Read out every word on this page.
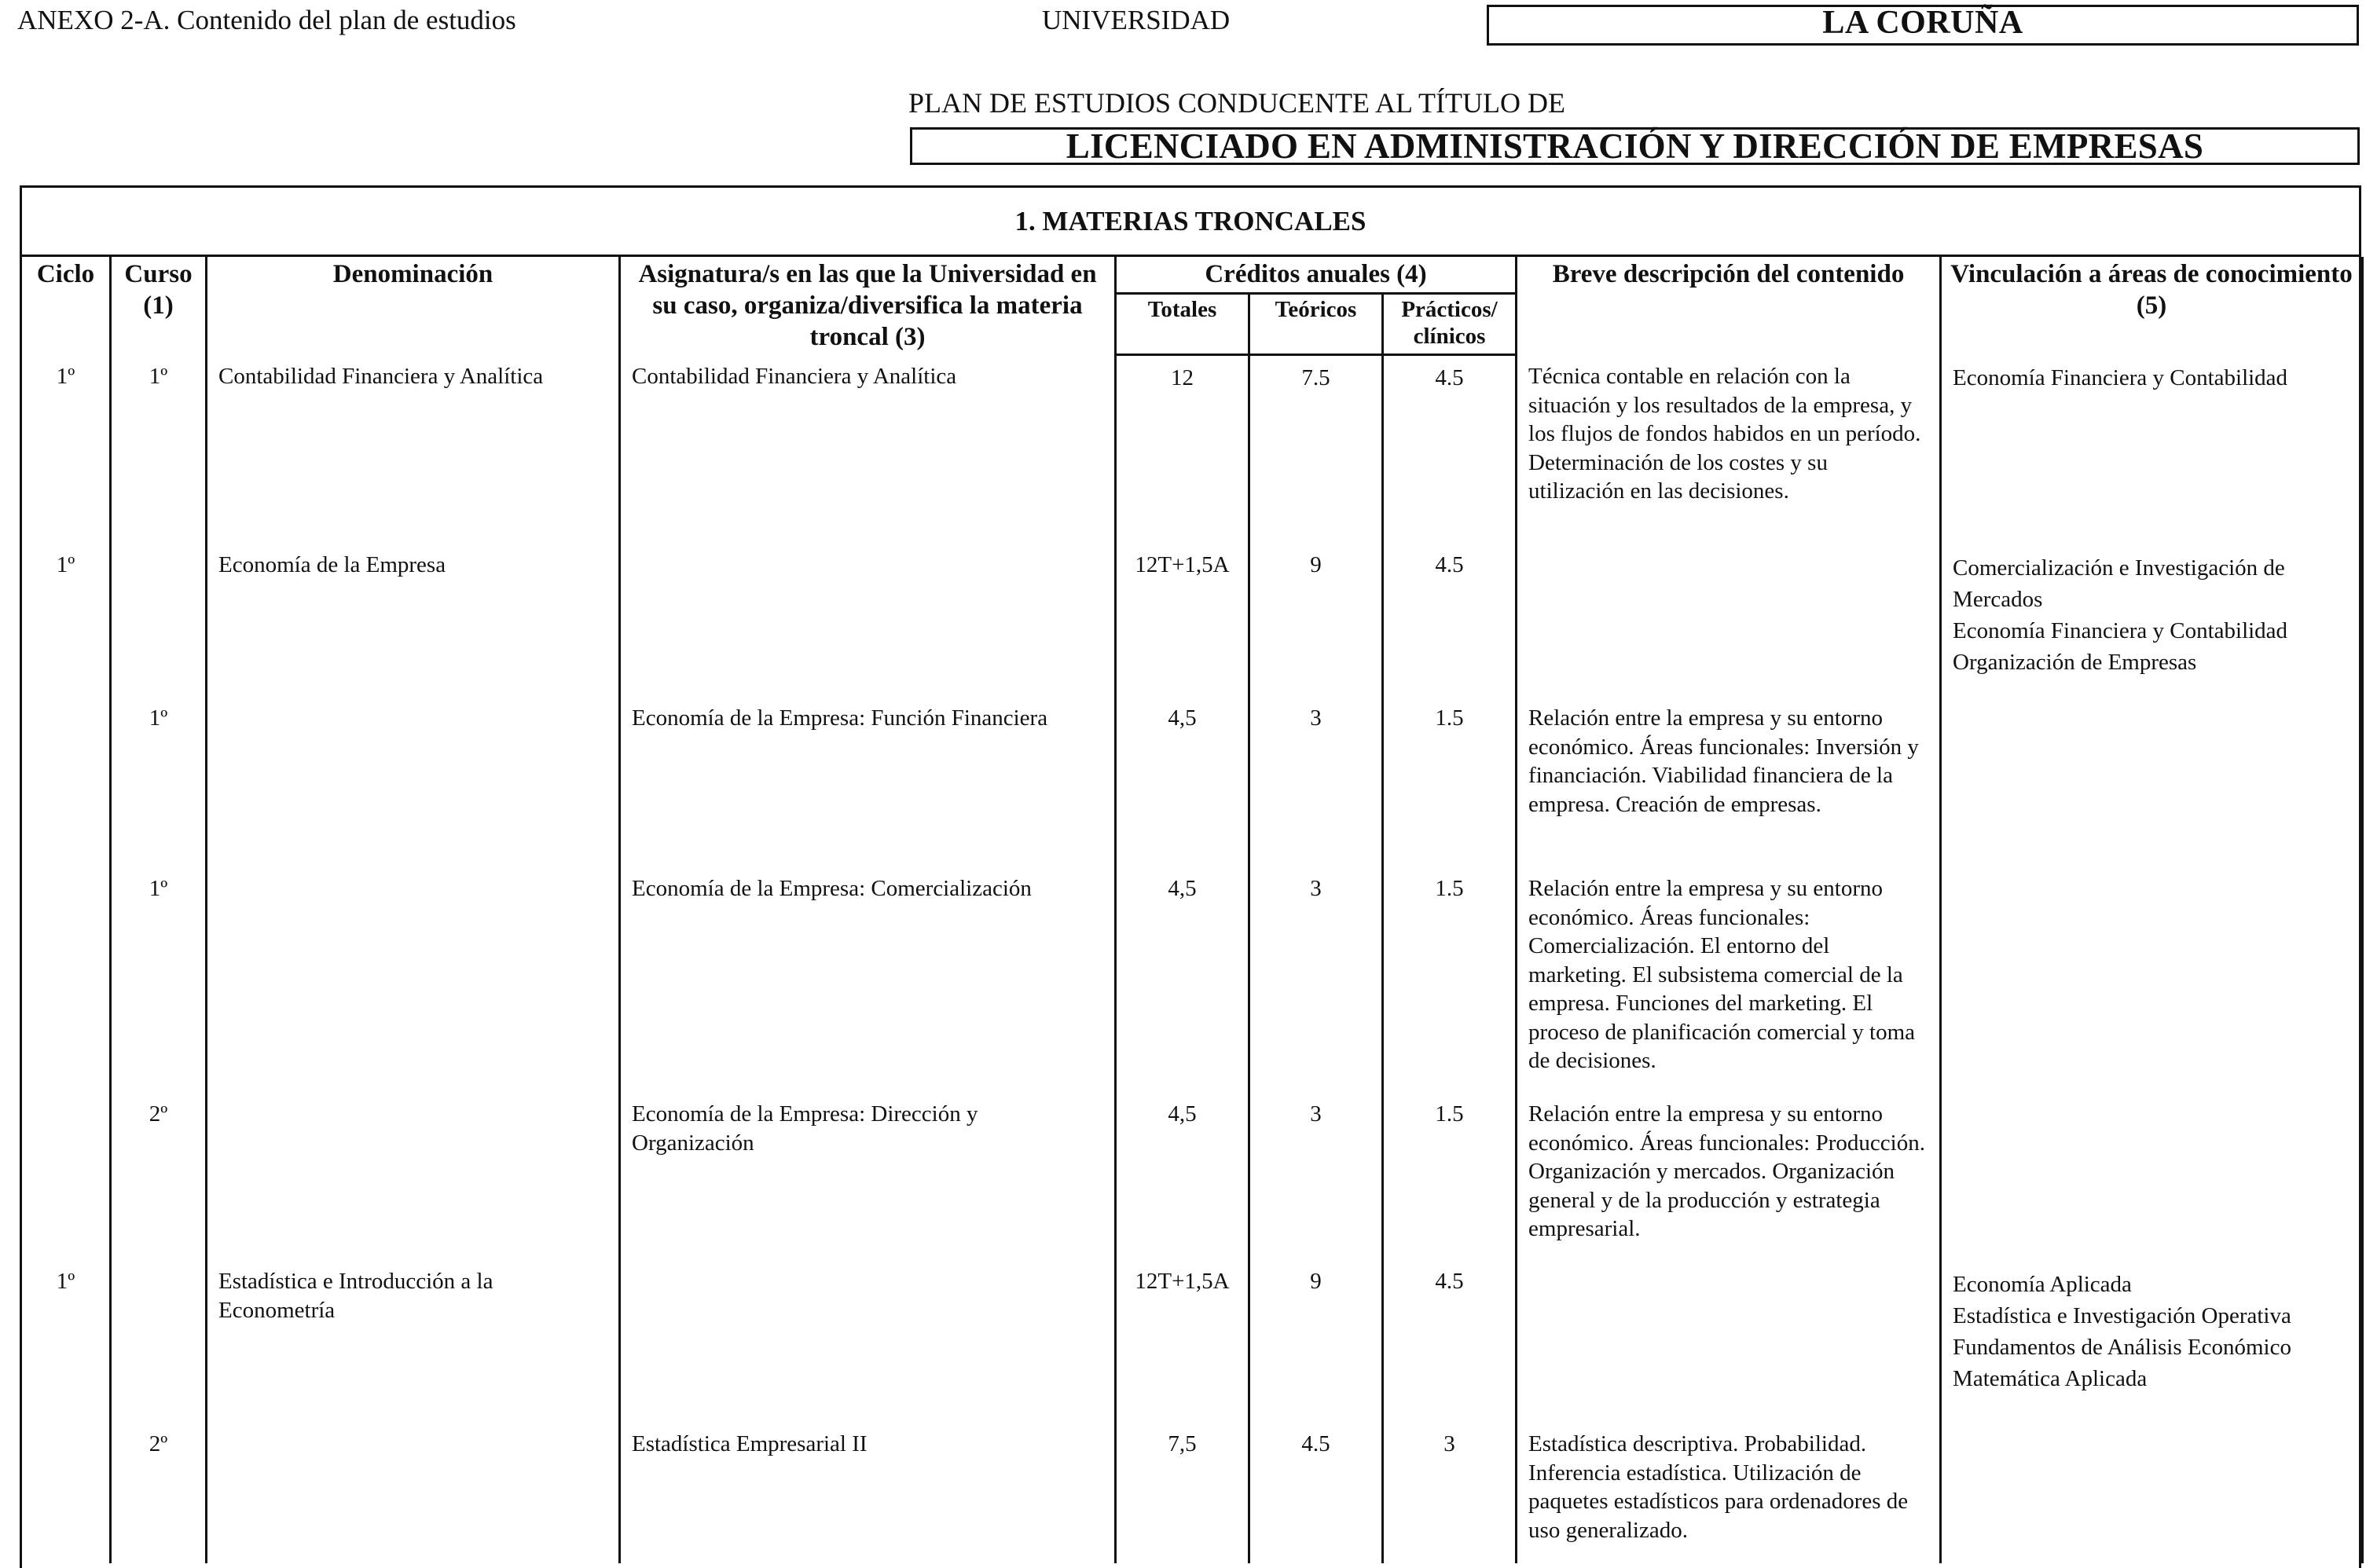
ANEXO 2-A. Contenido del plan de estudios	UNIVERSIDAD	LA CORUÑA
PLAN DE ESTUDIOS CONDUCENTE AL TÍTULO DE
LICENCIADO EN ADMINISTRACIÓN Y DIRECCIÓN DE EMPRESAS
1. MATERIAS TRONCALES
Ciclo	Curso (1)	Denominación	Asignatura/s en las que la Universidad en su caso, organiza/diversifica la materia troncal (3)	Créditos anuales (4)			Breve descripción del contenido	Vinculación a áreas de conocimiento (5)
				Totales	Teóricos	Prácticos/ clínicos		
1º	1º	Contabilidad Financiera y Analítica	Contabilidad Financiera y Analítica	12	7.5	4.5	Técnica contable en relación con la situación y los resultados de la empresa, y los flujos de fondos habidos en un período. Determinación de los costes y su utilización en las decisiones.	Economía Financiera y Contabilidad

1º		Economía de la Empresa		12T+1,5A	9	4.5		Comercialización e Investigación de Mercados
Economía Financiera y Contabilidad
Organización de Empresas

	1º		Economía de la Empresa: Función Financiera	4,5	3	1.5	Relación entre la empresa y su entorno económico. Áreas funcionales: Inversión y financiación. Viabilidad financiera de la empresa. Creación de empresas.	
	1º		Economía de la Empresa: Comercialización	4,5	3	1.5	Relación entre la empresa y su entorno económico. Áreas funcionales: Comercialización. El entorno del marketing. El subsistema comercial de la empresa. Funciones del marketing. El proceso de planificación comercial y toma de decisiones.	
	2º		Economía de la Empresa: Dirección y Organización	4,5	3	1.5	Relación entre la empresa y su entorno económico. Áreas funcionales: Producción. Organización y mercados. Organización general y de la producción y estrategia empresarial.	
1º		Estadística e Introducción a la Econometría		12T+1,5A	9	4.5		Economía Aplicada
Estadística e Investigación Operativa
Fundamentos de Análisis Económico
Matemática Aplicada

	2º		Estadística Empresarial II	7,5	4.5	3	Estadística descriptiva. Probabilidad. Inferencia estadística. Utilización de paquetes estadísticos para ordenadores de uso generalizado.	
